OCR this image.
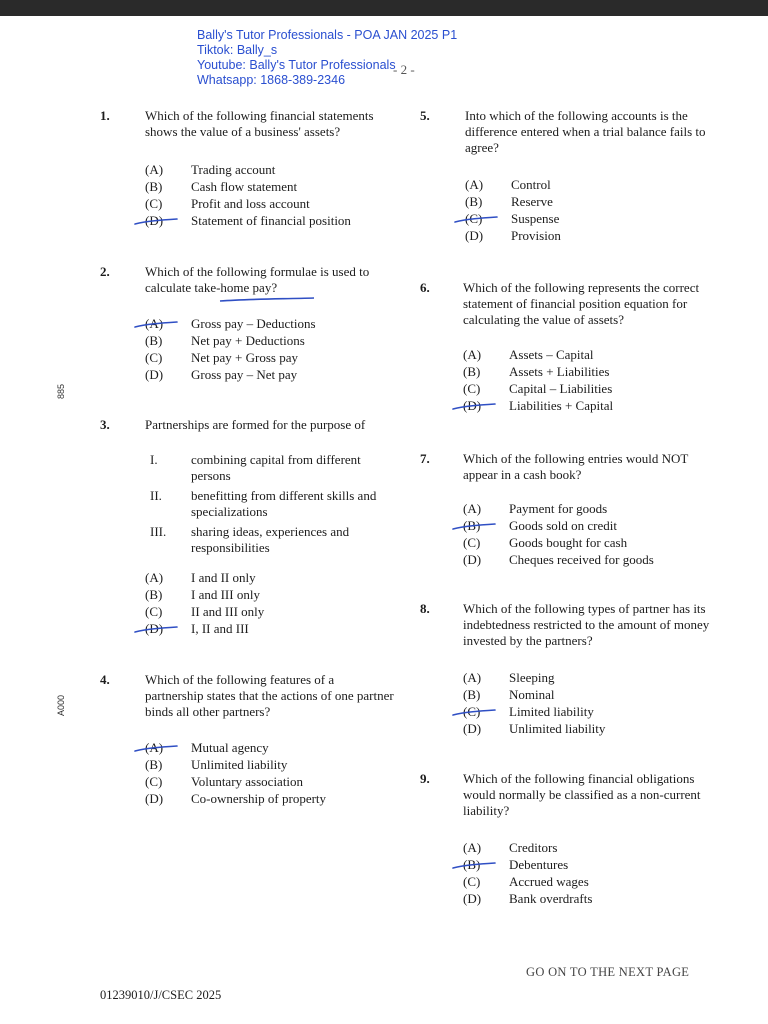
Bally's Tutor Professionals - POA JAN 2025 P1
Tiktok: Bally_s
Youtube: Bally's Tutor Professionals
Whatsapp: 1868-389-2346
- 2 -
885
A000
1.	Which of the following financial statements shows the value of a business' assets?
(A) Trading account
(B) Cash flow statement
(C) Profit and loss account
(D) Statement of financial position
2.	Which of the following formulae is used to calculate take-home pay?
(A) Gross pay – Deductions
(B) Net pay + Deductions
(C) Net pay + Gross pay
(D) Gross pay – Net pay
3.	Partnerships are formed for the purpose of
I.	combining capital from different persons
II. benefitting from different skills and specializations
III. sharing ideas, experiences and responsibilities
(A) I and II only
(B) I and III only
(C) II and III only
(D) I, II and III
4.	Which of the following features of a partnership states that the actions of one partner binds all other partners?
(A) Mutual agency
(B) Unlimited liability
(C) Voluntary association
(D) Co-ownership of property
5.	Into which of the following accounts is the difference entered when a trial balance fails to agree?
(A) Control
(B) Reserve
(C) Suspense
(D) Provision
6.	Which of the following represents the correct statement of financial position equation for calculating the value of assets?
(A) Assets – Capital
(B) Assets + Liabilities
(C) Capital – Liabilities
(D) Liabilities + Capital
7.	Which of the following entries would NOT appear in a cash book?
(A) Payment for goods
(B) Goods sold on credit
(C) Goods bought for cash
(D) Cheques received for goods
8.	Which of the following types of partner has its indebtedness restricted to the amount of money invested by the partners?
(A) Sleeping
(B) Nominal
(C) Limited liability
(D) Unlimited liability
9.	Which of the following financial obligations would normally be classified as a non-current liability?
(A) Creditors
(B) Debentures
(C) Accrued wages
(D) Bank overdrafts
GO ON TO THE NEXT PAGE
01239010/J/CSEC 2025
